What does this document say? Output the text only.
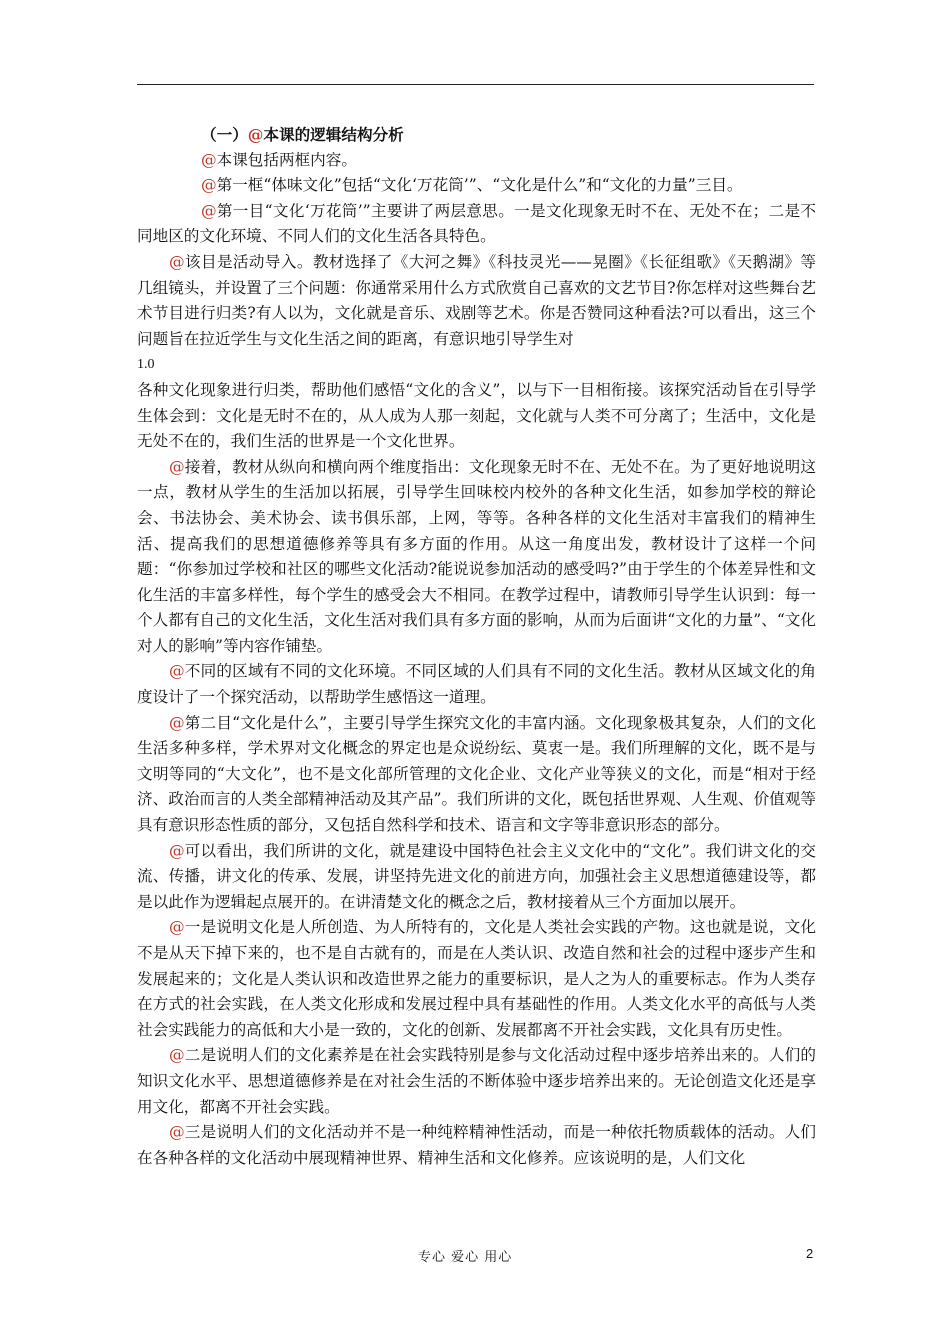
（一）@本课的逻辑结构分析

@本课包括两框内容。

@第一框“体味文化”包括“文化‘万花筒’”、“文化是什么”和“文化的力量”三目。

@第一目“文化‘万花筒’”主要讲了两层意思。一是文化现象无时不在、无处不在；二是不同地区的文化环境、不同人们的文化生活各具特色。

@该目是活动导入。教材选择了《大河之舞》《科技灵光——晃圈》《长征组歌》《天鹅湖》等几组镜头，并设置了三个问题：你通常采用什么方式欣赏自己喜欢的文艺节目?你怎样对这些舞台艺术节目进行归类?有人以为，文化就是音乐、戏剧等艺术。你是否赞同这种看法?可以看出，这三个问题旨在拉近学生与文化生活之间的距离，有意识地引导学生对

1.0

各种文化现象进行归类，帮助他们感悟“文化的含义”，以与下一目相衔接。该探究活动旨在引导学生体会到：文化是无时不在的，从人成为人那一刻起，文化就与人类不可分离了；生活中，文化是无处不在的，我们生活的世界是一个文化世界。

@接着，教材从纵向和横向两个维度指出：文化现象无时不在、无处不在。为了更好地说明这一点，教材从学生的生活加以拓展，引导学生回味校内校外的各种文化生活，如参加学校的辩论会、书法协会、美术协会、读书俱乐部，上网，等等。各种各样的文化生活对丰富我们的精神生活、提高我们的思想道德修养等具有多方面的作用。从这一角度出发，教材设计了这样一个问题：“你参加过学校和社区的哪些文化活动?能说说参加活动的感受吗?”由于学生的个体差异性和文化生活的丰富多样性，每个学生的感受会大不相同。在教学过程中，请教师引导学生认识到：每一个人都有自己的文化生活，文化生活对我们具有多方面的影响，从而为后面讲“文化的力量”、“文化对人的影响”等内容作铺垫。

@不同的区域有不同的文化环境。不同区域的人们具有不同的文化生活。教材从区域文化的角度设计了一个探究活动，以帮助学生感悟这一道理。

@第二目“文化是什么”，主要引导学生探究文化的丰富内涵。文化现象极其复杂，人们的文化生活多种多样，学术界对文化概念的界定也是众说纷纭、莫衷一是。我们所理解的文化，既不是与文明等同的“大文化”，也不是文化部所管理的文化企业、文化产业等狭义的文化，而是“相对于经济、政治而言的人类全部精神活动及其产品”。我们所讲的文化，既包括世界观、人生观、价值观等具有意识形态性质的部分，又包括自然科学和技术、语言和文字等非意识形态的部分。

@可以看出，我们所讲的文化，就是建设中国特色社会主义文化中的“文化”。我们讲文化的交流、传播，讲文化的传承、发展，讲坚持先进文化的前进方向，加强社会主义思想道德建设等，都是以此作为逻辑起点展开的。在讲清楚文化的概念之后，教材接着从三个方面加以展开。

@一是说明文化是人所创造、为人所特有的，文化是人类社会实践的产物。这也就是说，文化不是从天下掉下来的，也不是自古就有的，而是在人类认识、改造自然和社会的过程中逐步产生和发展起来的；文化是人类认识和改造世界之能力的重要标识，是人之为人的重要标志。作为人类存在方式的社会实践，在人类文化形成和发展过程中具有基础性的作用。人类文化水平的高低与人类社会实践能力的高低和大小是一致的，文化的创新、发展都离不开社会实践，文化具有历史性。

@二是说明人们的文化素养是在社会实践特别是参与文化活动过程中逐步培养出来的。人们的知识文化水平、思想道德修养是在对社会生活的不断体验中逐步培养出来的。无论创造文化还是享用文化，都离不开社会实践。

@三是说明人们的文化活动并不是一种纯粹精神性活动，而是一种依托物质载体的活动。人们在各种各样的文化活动中展现精神世界、精神生活和文化修养。应该说明的是，人们文化

专心 爱心 用心	2
